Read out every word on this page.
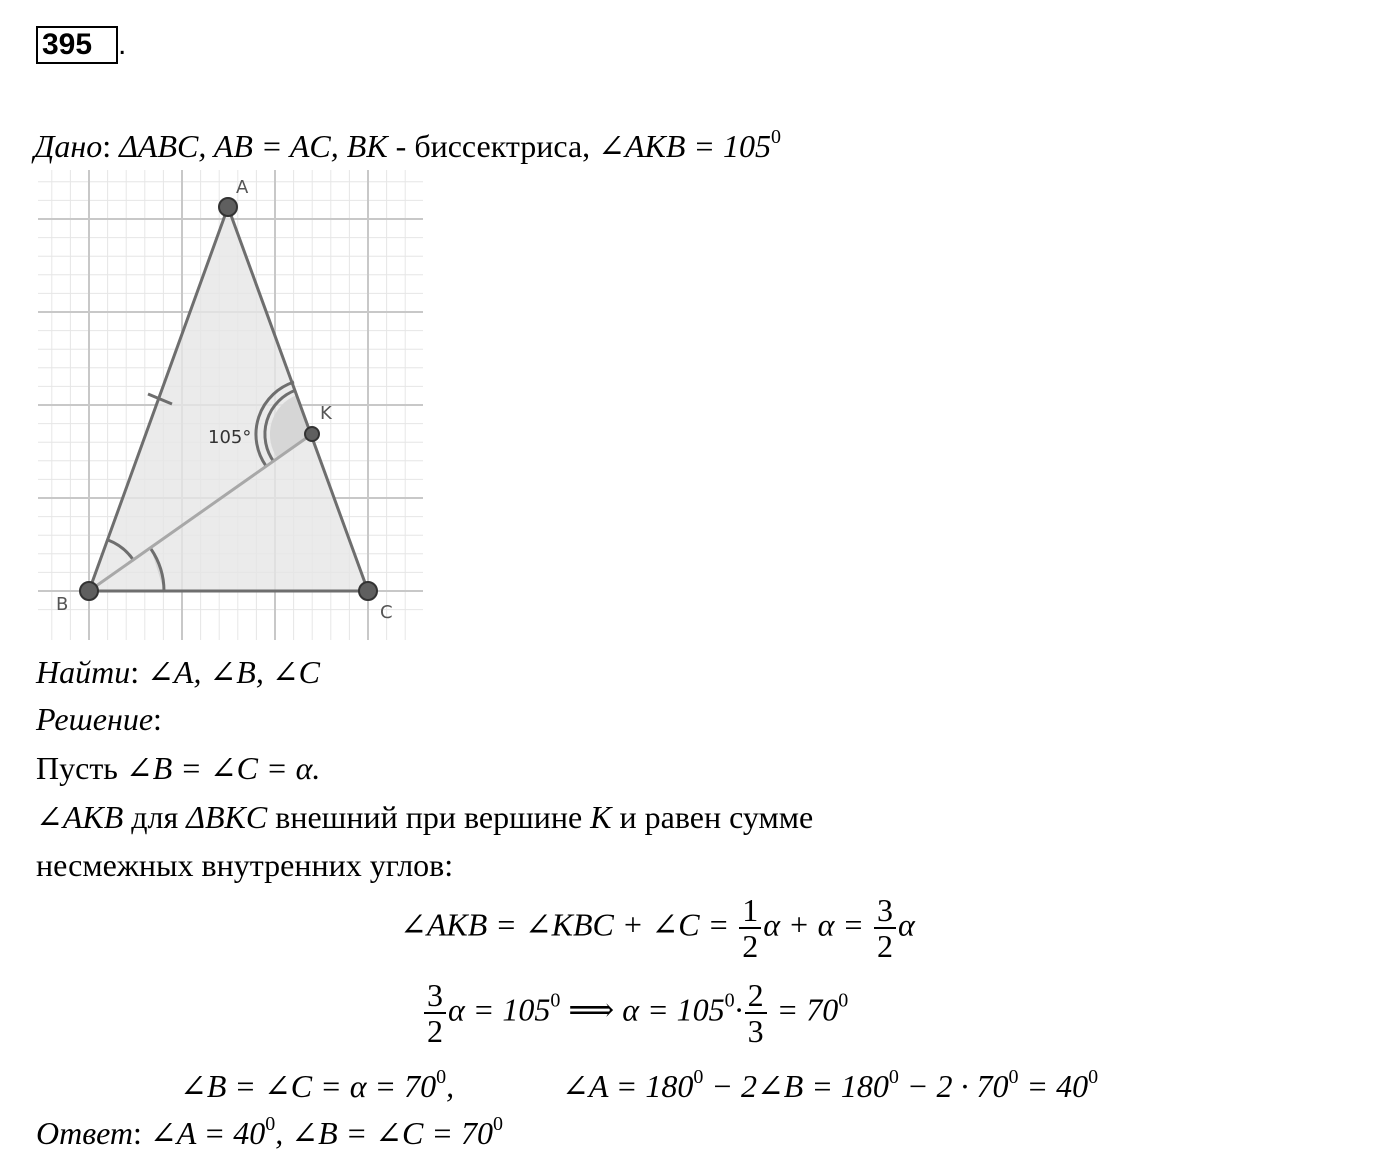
395 .
Дано: ΔABC, AB = AC, BK - биссектриса, ∠AKB = $105^0$
A
B	C
K
105°
Найти: ∠A, ∠B, ∠C
Решение:
Пусть ∠B = ∠C = α.
∠AKB для ΔBKC внешний при вершине K и равен сумме
несмежных внутренних углов:
∠AKB = ∠KBC + ∠C = $\frac{1}{2}$ $\alpha + \alpha = \frac{3}{2}$ α
$\frac{3}{2}$ $\alpha = 105^0$ ⟹ $\alpha = 105^0\cdot \frac{2}{3} = 70^0$
∠B = ∠C = $\alpha = 70^0$,	∠A = $180^0$ − 2∠B = $180^0 - 2 \cdot 70^0 = 40^0$
Ответ: ∠A = $40^0$, ∠B = ∠C = $70^0$
